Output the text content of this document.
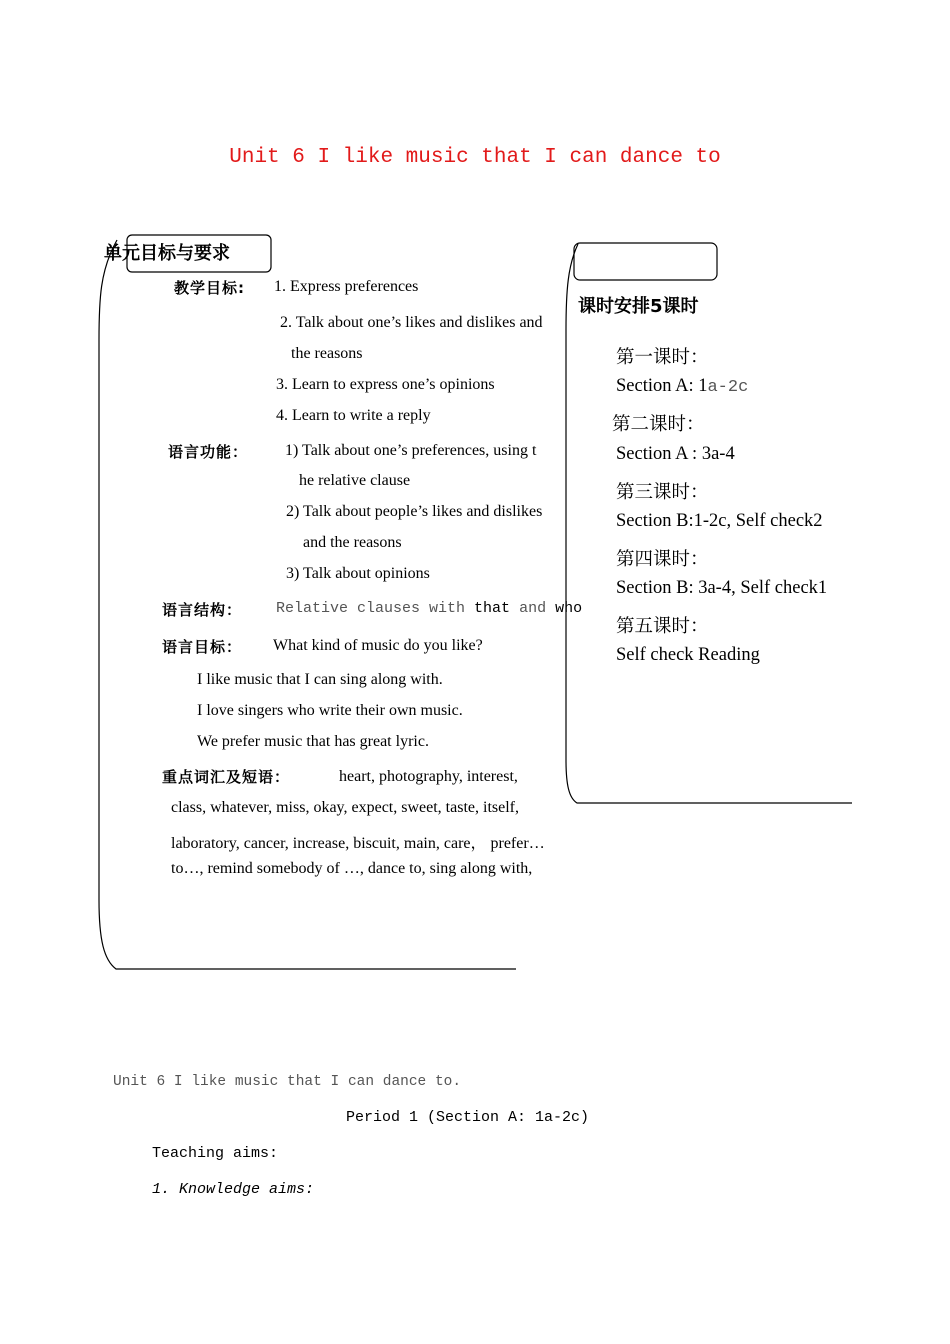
Unit 6 I like music that I can dance to
单元目标与要求
教学目标: 1. Express preferences
2. Talk about one’s likes and dislikes and
the reasons
3. Learn to express one’s opinions
4. Learn to write a reply
语言功能： 1) Talk about one’s preferences, using t
he relative clause
2) Talk about people’s likes and dislikes
and the reasons
3) Talk about opinions
语言结构： Relative clauses with that and who
语言目标： What kind of music do you like?
I like music that I can sing along with.
I love singers who write their own music.
We prefer music that has great lyric.
重点词汇及短语：	heart, photography, interest,
class, whatever, miss, okay, expect, sweet, taste, itself,
laboratory, cancer, increase, biscuit, main, care， prefer…
to…, remind somebody of …, dance to, sing along with,
课时安排5课时
第一课时：
Section A: 1a-2c
第二课时：
Section A : 3a-4
第三课时：
Section B:1-2c, Self check2
第四课时：
Section B: 3a-4, Self check1
第五课时：
Self check Reading
Unit 6 I like music that I can dance to.
Period 1 (Section A: 1a-2c)
Teaching aims:
1. Knowledge aims:
